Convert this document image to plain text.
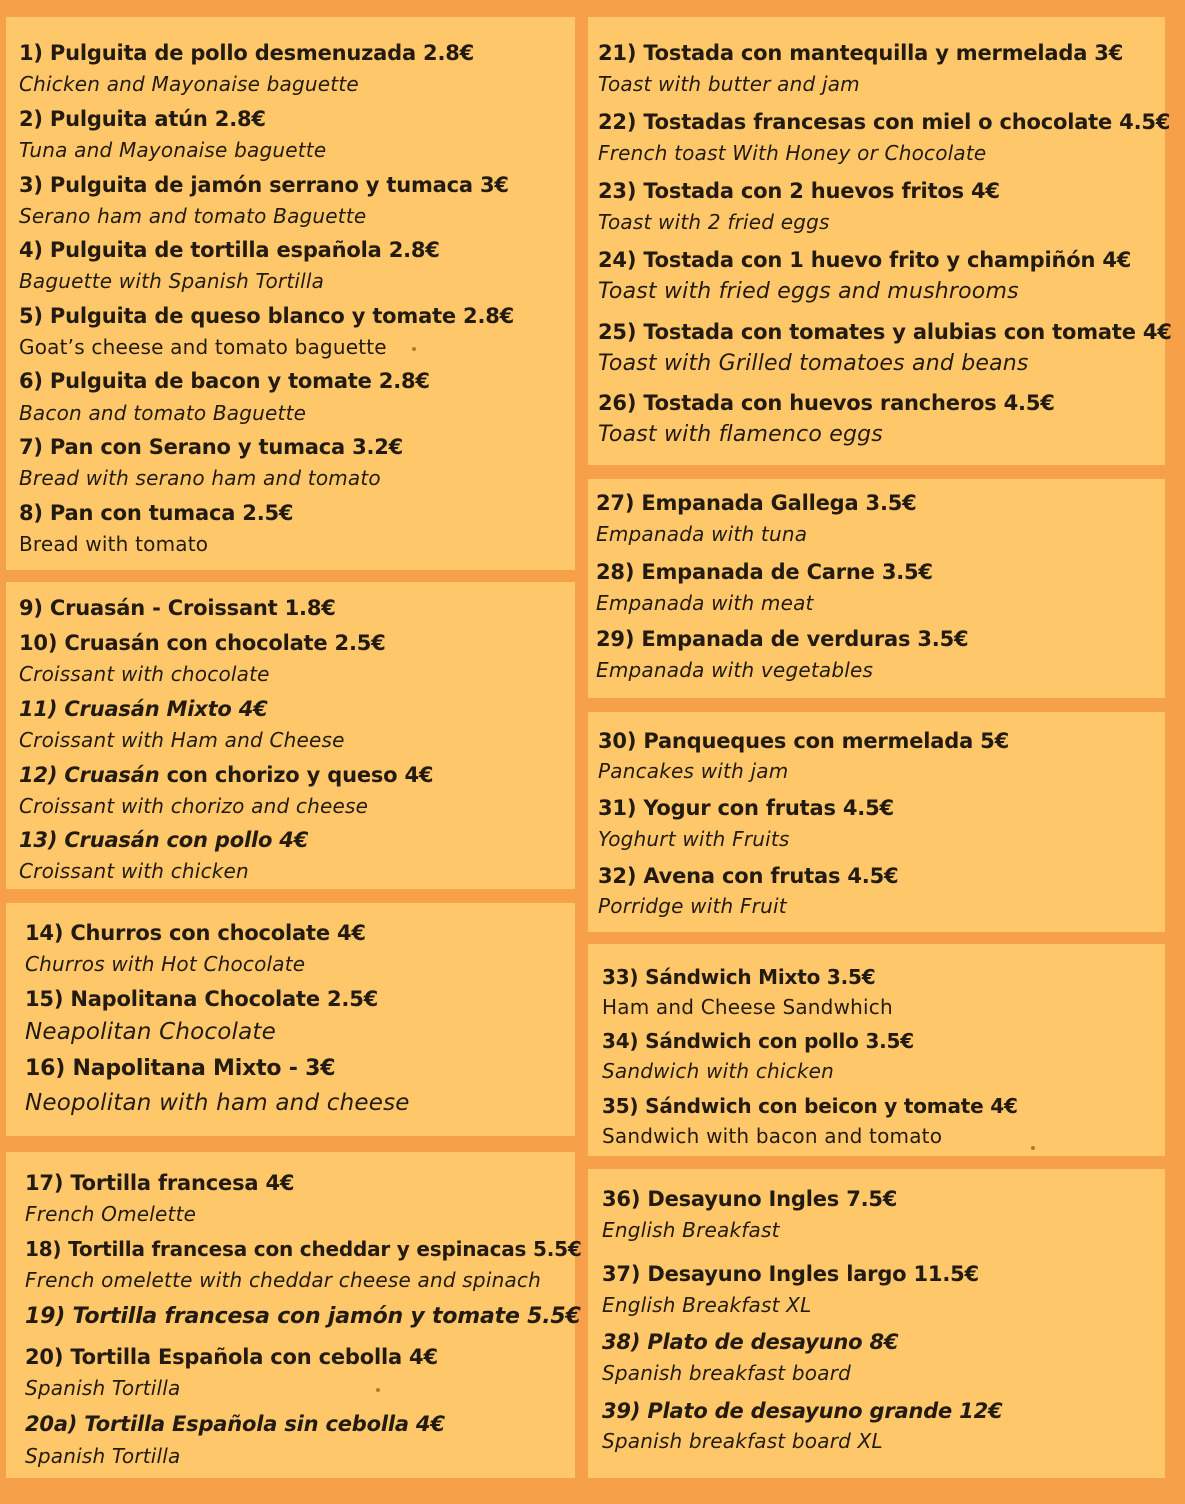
1) Pulguita de pollo desmenuzada 2.8€
Chicken and Mayonaise baguette
2) Pulguita atún 2.8€
Tuna and Mayonaise baguette
3) Pulguita de jamón serrano y tumaca 3€
Serano ham and tomato Baguette
4) Pulguita de tortilla española 2.8€
Baguette with Spanish Tortilla
5) Pulguita de queso blanco y tomate 2.8€
Goat’s cheese and tomato baguette
6) Pulguita de bacon y tomate 2.8€
Bacon and tomato Baguette
7) Pan con Serano y tumaca 3.2€
Bread with serano ham and tomato
8) Pan con tumaca 2.5€
Bread with tomato
9) Cruasán - Croissant 1.8€
10) Cruasán con chocolate 2.5€
Croissant with chocolate
11) Cruasán Mixto 4€
Croissant with Ham and Cheese
12) Cruasán con chorizo y queso 4€
Croissant with chorizo and cheese
13) Cruasán con pollo 4€
Croissant with chicken
14) Churros con chocolate 4€
Churros with Hot Chocolate
15) Napolitana Chocolate 2.5€
Neapolitan Chocolate
16) Napolitana Mixto - 3€
Neopolitan with ham and cheese
17) Tortilla francesa 4€
French Omelette
18) Tortilla francesa con cheddar y espinacas 5.5€
French omelette with cheddar cheese and spinach
19) Tortilla francesa con jamón y tomate 5.5€
20) Tortilla Española con cebolla 4€
Spanish Tortilla
20a) Tortilla Española sin cebolla 4€
Spanish Tortilla
21) Tostada con mantequilla y mermelada 3€
Toast with butter and jam
22) Tostadas francesas con miel o chocolate 4.5€
French toast With Honey or Chocolate
23) Tostada con 2 huevos fritos 4€
Toast with 2 fried eggs
24) Tostada con 1 huevo frito y champiñón 4€
Toast with fried eggs and mushrooms
25) Tostada con tomates y alubias con tomate 4€
Toast with Grilled tomatoes and beans
26) Tostada con huevos rancheros 4.5€
Toast with flamenco eggs
27) Empanada Gallega 3.5€
Empanada with tuna
28) Empanada de Carne 3.5€
Empanada with meat
29) Empanada de verduras 3.5€
Empanada with vegetables
30) Panqueques con mermelada 5€
Pancakes with jam
31) Yogur con frutas 4.5€
Yoghurt with Fruits
32) Avena con frutas 4.5€
Porridge with Fruit
33) Sándwich Mixto 3.5€
Ham and Cheese Sandwhich
34) Sándwich con pollo 3.5€
Sandwich with chicken
35) Sándwich con beicon y tomate 4€
Sandwich with bacon and tomato
36) Desayuno Ingles 7.5€
English Breakfast
37) Desayuno Ingles largo 11.5€
English Breakfast XL
38) Plato de desayuno 8€
Spanish breakfast board
39) Plato de desayuno grande 12€
Spanish breakfast board XL
